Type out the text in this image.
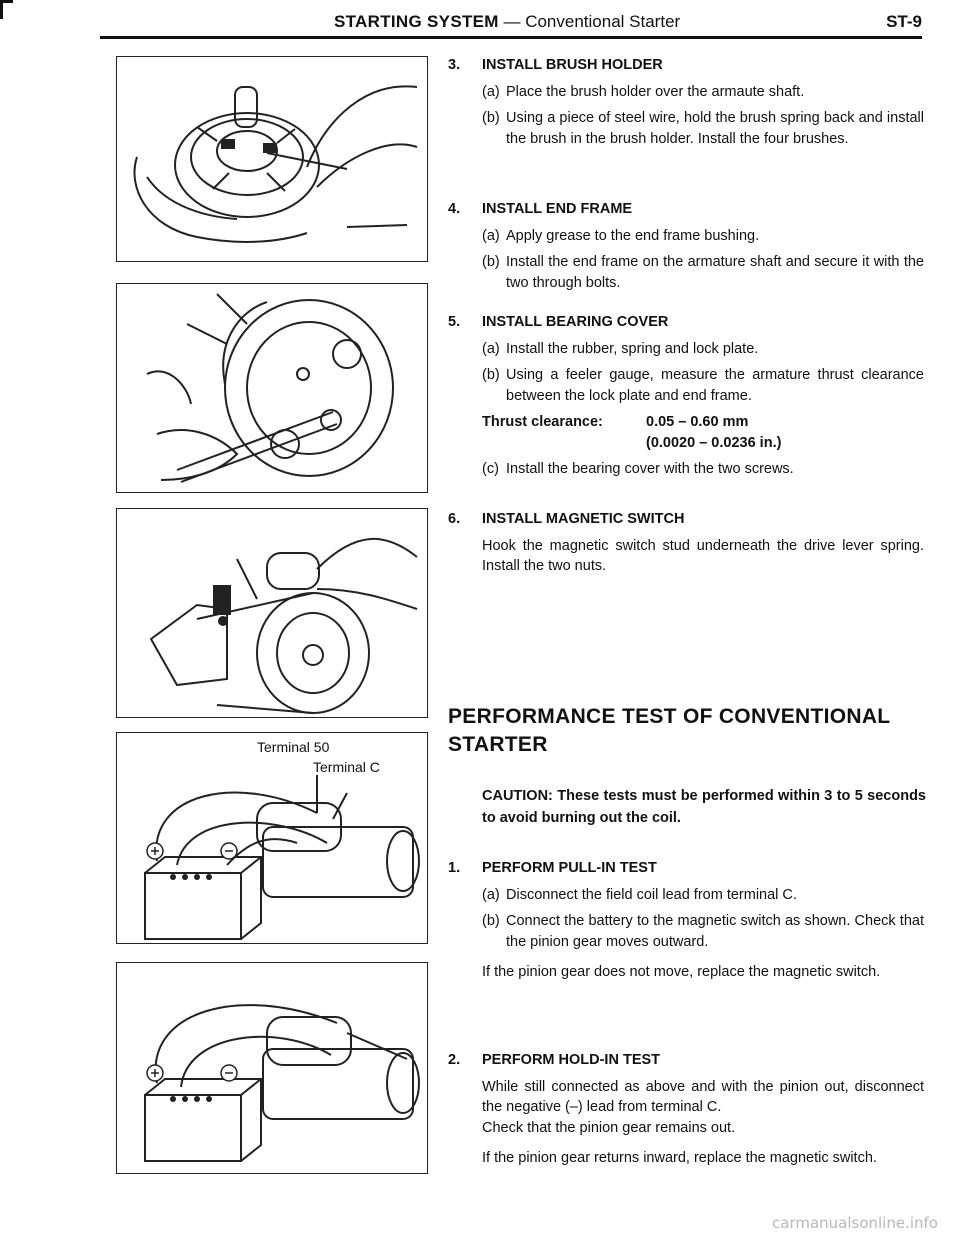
STARTING SYSTEM — Conventional Starter	ST-9
Terminal 50
Terminal C
3.	INSTALL BRUSH HOLDER
(a) Place the brush holder over the armaute shaft.
(b) Using a piece of steel wire, hold the brush spring back and install the brush in the brush holder. Install the four brushes.
4.	INSTALL END FRAME
(a) Apply grease to the end frame bushing.
(b) Install the end frame on the armature shaft and secure it with the two through bolts.
5.	INSTALL BEARING COVER
(a) Install the rubber, spring and lock plate.
(b) Using a feeler gauge, measure the armature thrust clearance between the lock plate and end frame.
Thrust clearance:	0.05 – 0.60 mm
(0.0020 – 0.0236 in.)
(c) Install the bearing cover with the two screws.
6.	INSTALL MAGNETIC SWITCH
Hook the magnetic switch stud underneath the drive lever spring. Install the two nuts.
PERFORMANCE TEST OF CONVENTIONAL STARTER
CAUTION: These tests must be performed within 3 to 5 seconds to avoid burning out the coil.
1.	PERFORM PULL-IN TEST
(a) Disconnect the field coil lead from terminal C.
(b) Connect the battery to the magnetic switch as shown. Check that the pinion gear moves outward.
If the pinion gear does not move, replace the magnetic switch.
2.	PERFORM HOLD-IN TEST
While still connected as above and with the pinion out, disconnect the negative (–) lead from terminal C.
Check that the pinion gear remains out.
If the pinion gear returns inward, replace the magnetic switch.
carmanualsonline.info
